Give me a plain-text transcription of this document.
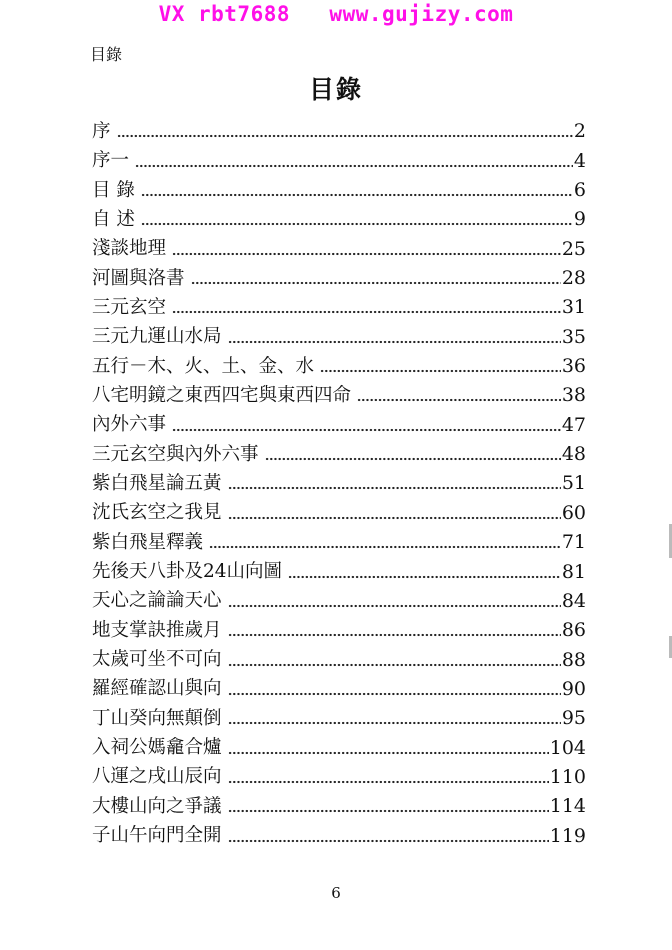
VX rbt7688   www.gujizy.com
目錄
目錄
序	2
序一	4
目 錄	6
自 述	9
淺談地理	25
河圖與洛書	28
三元玄空	31
三元九運山水局	35
五行－木、火、土、金、水	36
八宅明鏡之東西四宅與東西四命	38
內外六事	47
三元玄空與內外六事	48
紫白飛星論五黃	51
沈氏玄空之我見	60
紫白飛星釋義	71
先後天八卦及24山向圖	81
天心之論論天心	84
地支掌訣推歲月	86
太歲可坐不可向	88
羅經確認山與向	90
丁山癸向無顛倒	95
入祠公媽龕合爐	104
八運之戌山辰向	110
大樓山向之爭議	114
子山午向門全開	119
6
